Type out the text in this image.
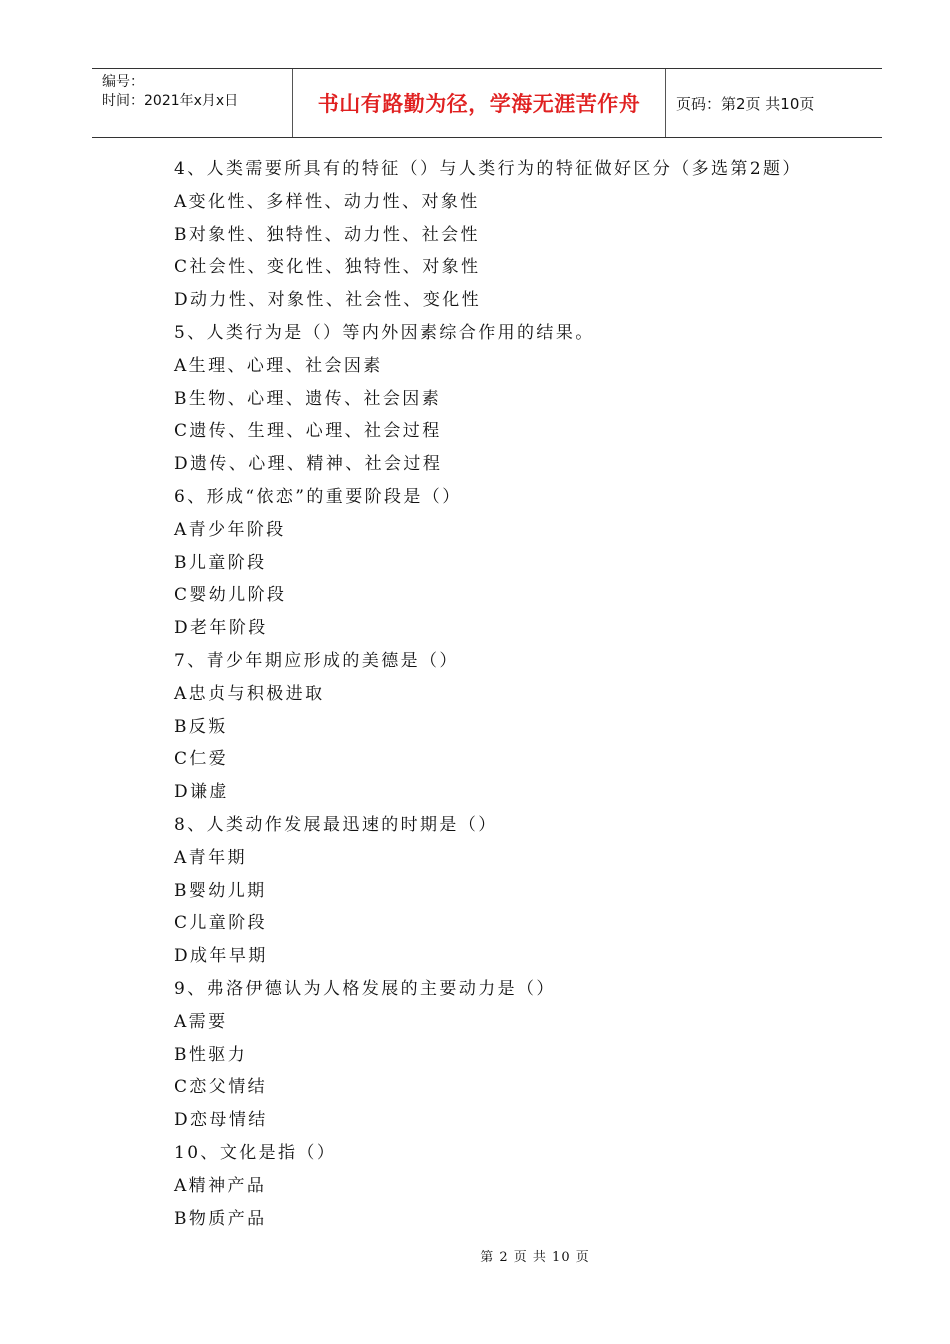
编号：
时间：2021年x月x日	书山有路勤为径，学海无涯苦作舟	页码：第2页 共10页
4、人类需要所具有的特征（）与人类行为的特征做好区分（多选第2题）
A变化性、多样性、动力性、对象性
B对象性、独特性、动力性、社会性
C社会性、变化性、独特性、对象性
D动力性、对象性、社会性、变化性
5、人类行为是（）等内外因素综合作用的结果。
A生理、心理、社会因素
B生物、心理、遗传、社会因素
C遗传、生理、心理、社会过程
D遗传、心理、精神、社会过程
6、形成“依恋”的重要阶段是（）
A青少年阶段
B儿童阶段
C婴幼儿阶段
D老年阶段
7、青少年期应形成的美德是（）
A忠贞与积极进取
B反叛
C仁爱
D谦虚
8、人类动作发展最迅速的时期是（）
A青年期
B婴幼儿期
C儿童阶段
D成年早期
9、弗洛伊德认为人格发展的主要动力是（）
A需要
B性驱力
C恋父情结
D恋母情结
10、文化是指（）
A精神产品
B物质产品
第 2 页 共 10 页
